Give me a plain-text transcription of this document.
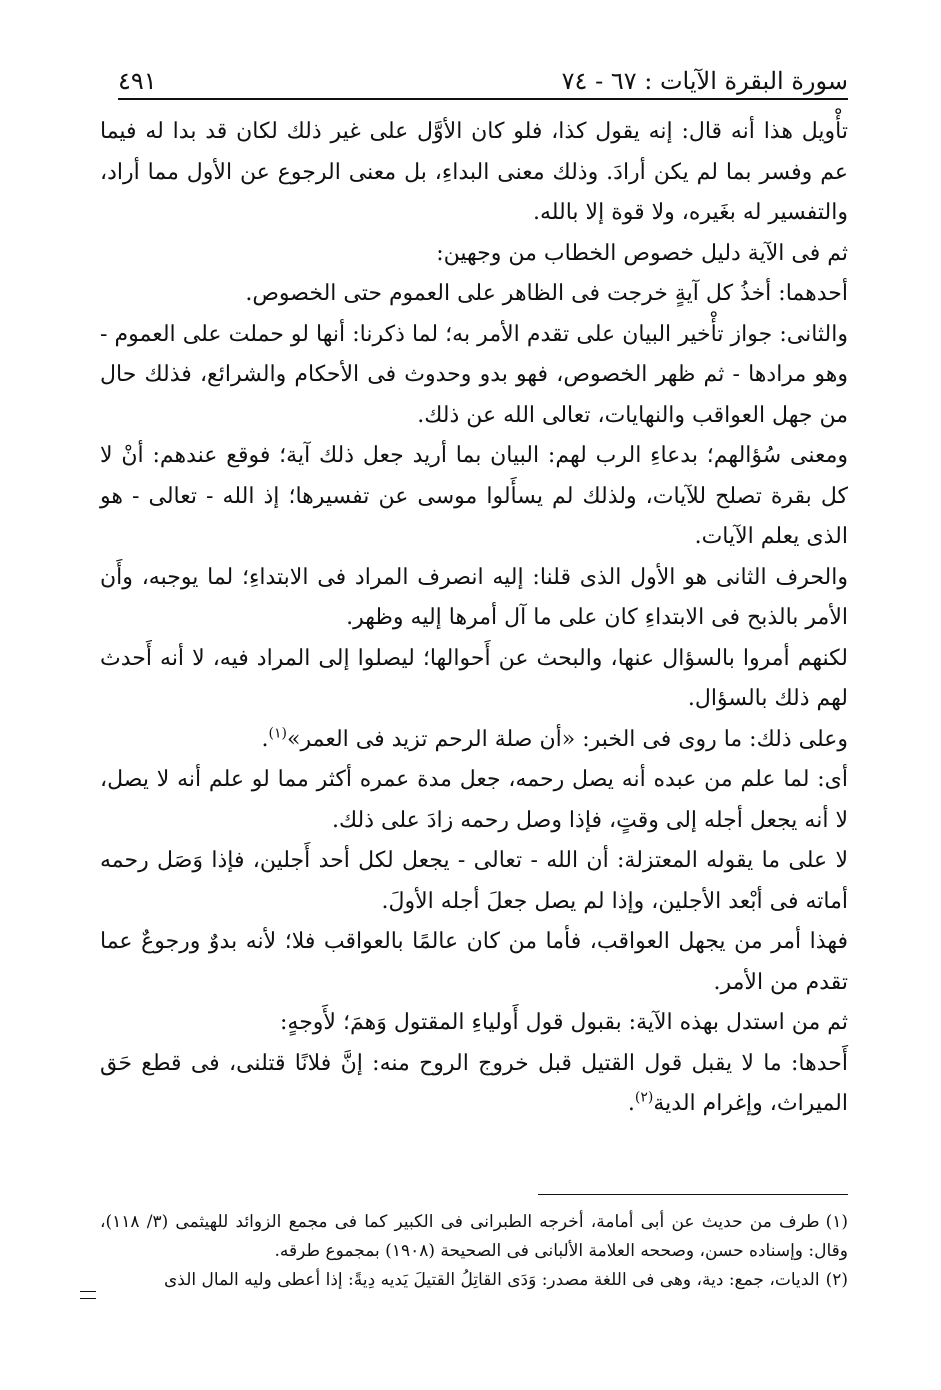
سورة البقرة الآيات : ٦٧ - ٧٤
٤٩١

تأْويل هذا أنه قال: إنه يقول كذا، فلو كان الأوَّل على غير ذلك لكان قد بدا له فيما عم وفسر بما لم يكن أرادَ. وذلك معنى البداءِ، بل معنى الرجوع عن الأول مما أراد، والتفسير له بغَيره، ولا قوة إلا بالله.

ثم فى الآية دليل خصوص الخطاب من وجهين:

أحدهما: أخذُ كل آيةٍ خرجت فى الظاهر على العموم حتى الخصوص.

والثانى: جواز تأْخير البيان على تقدم الأمر به؛ لما ذكرنا: أنها لو حملت على العموم - وهو مرادها - ثم ظهر الخصوص، فهو بدو وحدوث فى الأحكام والشرائع، فذلك حال من جهل العواقب والنهايات، تعالى الله عن ذلك.

ومعنى سُؤالهم؛ بدعاءِ الرب لهم: البيان بما أريد جعل ذلك آية؛ فوقع عندهم: أنْ لا كل بقرة تصلح للآيات، ولذلك لم يسأَلوا موسى عن تفسيرها؛ إذ الله - تعالى - هو الذى يعلم الآيات.

والحرف الثانى هو الأول الذى قلنا: إليه انصرف المراد فى الابتداءِ؛ لما يوجبه، وأَن الأمر بالذبح فى الابتداءِ كان على ما آل أمرها إليه وظهر.

لكنهم أمروا بالسؤال عنها، والبحث عن أَحوالها؛ ليصلوا إلى المراد فيه، لا أنه أَحدث لهم ذلك بالسؤال.

وعلى ذلك: ما روى فى الخبر: «أن صلة الرحم تزيد فى العمر»$^{(١)}$.

أى: لما علم من عبده أنه يصل رحمه، جعل مدة عمره أكثر مما لو علم أنه لا يصل، لا أنه يجعل أجله إلى وقتٍ، فإذا وصل رحمه زادَ على ذلك.

لا على ما يقوله المعتزلة: أن الله - تعالى - يجعل لكل أحد أَجلين، فإذا وَصَل رحمه أماته فى أبْعد الأجلين، وإذا لم يصل جعلَ أجله الأولَ.

فهذا أمر من يجهل العواقب، فأما من كان عالمًا بالعواقب فلا؛ لأنه بدوٌ ورجوعٌ عما تقدم من الأمر.

ثم من استدل بهذه الآية: بقبول قول أَولياءِ المقتول وَهمَ؛ لأَوجهٍ:

أَحدها: ما لا يقبل قول القتيل قبل خروج الروح منه: إنَّ فلانًا قتلنى، فى قطع حَق الميراث، وإغرام الدية$^{(٢)}$.

(١)طرف من حديث عن أبى أمامة، أخرجه الطبرانى فى الكبير كما فى مجمع الزوائد للهيثمى (٣/ ١١٨)، وقال: وإسناده حسن، وصححه العلامة الألبانى فى الصحيحة (١٩٠٨) بمجموع طرقه.

(٢)الديات، جمع: دية، وهى فى اللغة مصدر: وَدَى القاتِلُ القتيلَ يَديه دِيةً: إذا أعطى وليه المال الذى
